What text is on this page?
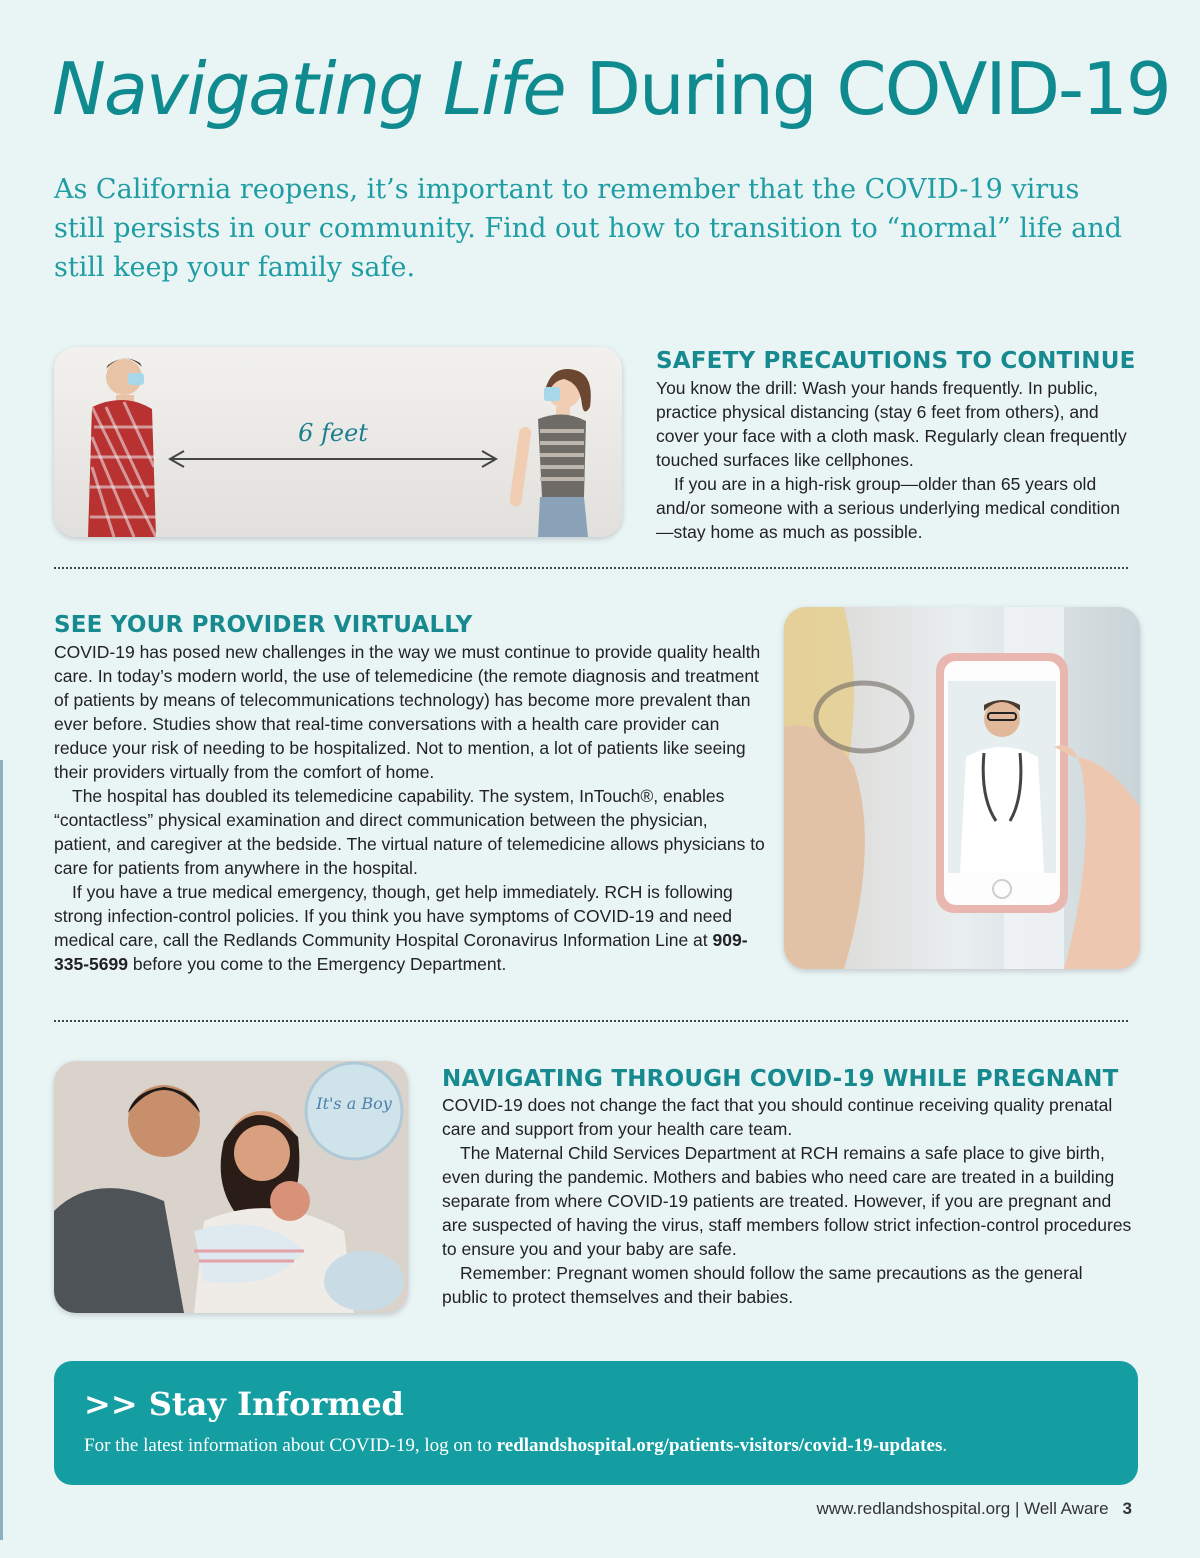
Navigating Life During COVID-19

As California reopens, it’s important to remember that the COVID-19 virus still persists in our community. Find out how to transition to “normal” life and still keep your family safe.

6 feet
SAFETY PRECAUTIONS TO CONTINUE

You know the drill: Wash your hands frequently. In public, practice physical distancing (stay 6 feet from others), and cover your face with a cloth mask. Regularly clean frequently touched surfaces like cellphones.

If you are in a high-risk group—older than 65 years old and/or someone with a serious underlying medical condition—stay home as much as possible.

SEE YOUR PROVIDER VIRTUALLY

COVID-19 has posed new challenges in the way we must continue to provide quality health care. In today’s modern world, the use of telemedicine (the remote diagnosis and treatment of patients by means of telecommunications technology) has become more prevalent than ever before. Studies show that real-time conversations with a health care provider can reduce your risk of needing to be hospitalized. Not to mention, a lot of patients like seeing their providers virtually from the comfort of home.

The hospital has doubled its telemedicine capability. The system, InTouch®, enables “contactless” physical examination and direct communication between the physician, patient, and caregiver at the bedside. The virtual nature of telemedicine allows physicians to care for patients from anywhere in the hospital.

If you have a true medical emergency, though, get help immediately. RCH is following strong infection-control policies. If you think you have symptoms of COVID-19 and need medical care, call the Redlands Community Hospital Coronavirus Information Line at 909-335-5699 before you come to the Emergency Department.

It's a Boy
NAVIGATING THROUGH COVID-19 WHILE PREGNANT

COVID-19 does not change the fact that you should continue receiving quality prenatal care and support from your health care team.

The Maternal Child Services Department at RCH remains a safe place to give birth, even during the pandemic. Mothers and babies who need care are treated in a building separate from where COVID-19 patients are treated. However, if you are pregnant and are suspected of having the virus, staff members follow strict infection-control procedures to ensure you and your baby are safe.

Remember: Pregnant women should follow the same precautions as the general public to protect themselves and their babies.

>> Stay Informed

For the latest information about COVID-19, log on to redlandshospital.org/patients-visitors/covid-19-updates.

www.redlandshospital.org | Well Aware 3
